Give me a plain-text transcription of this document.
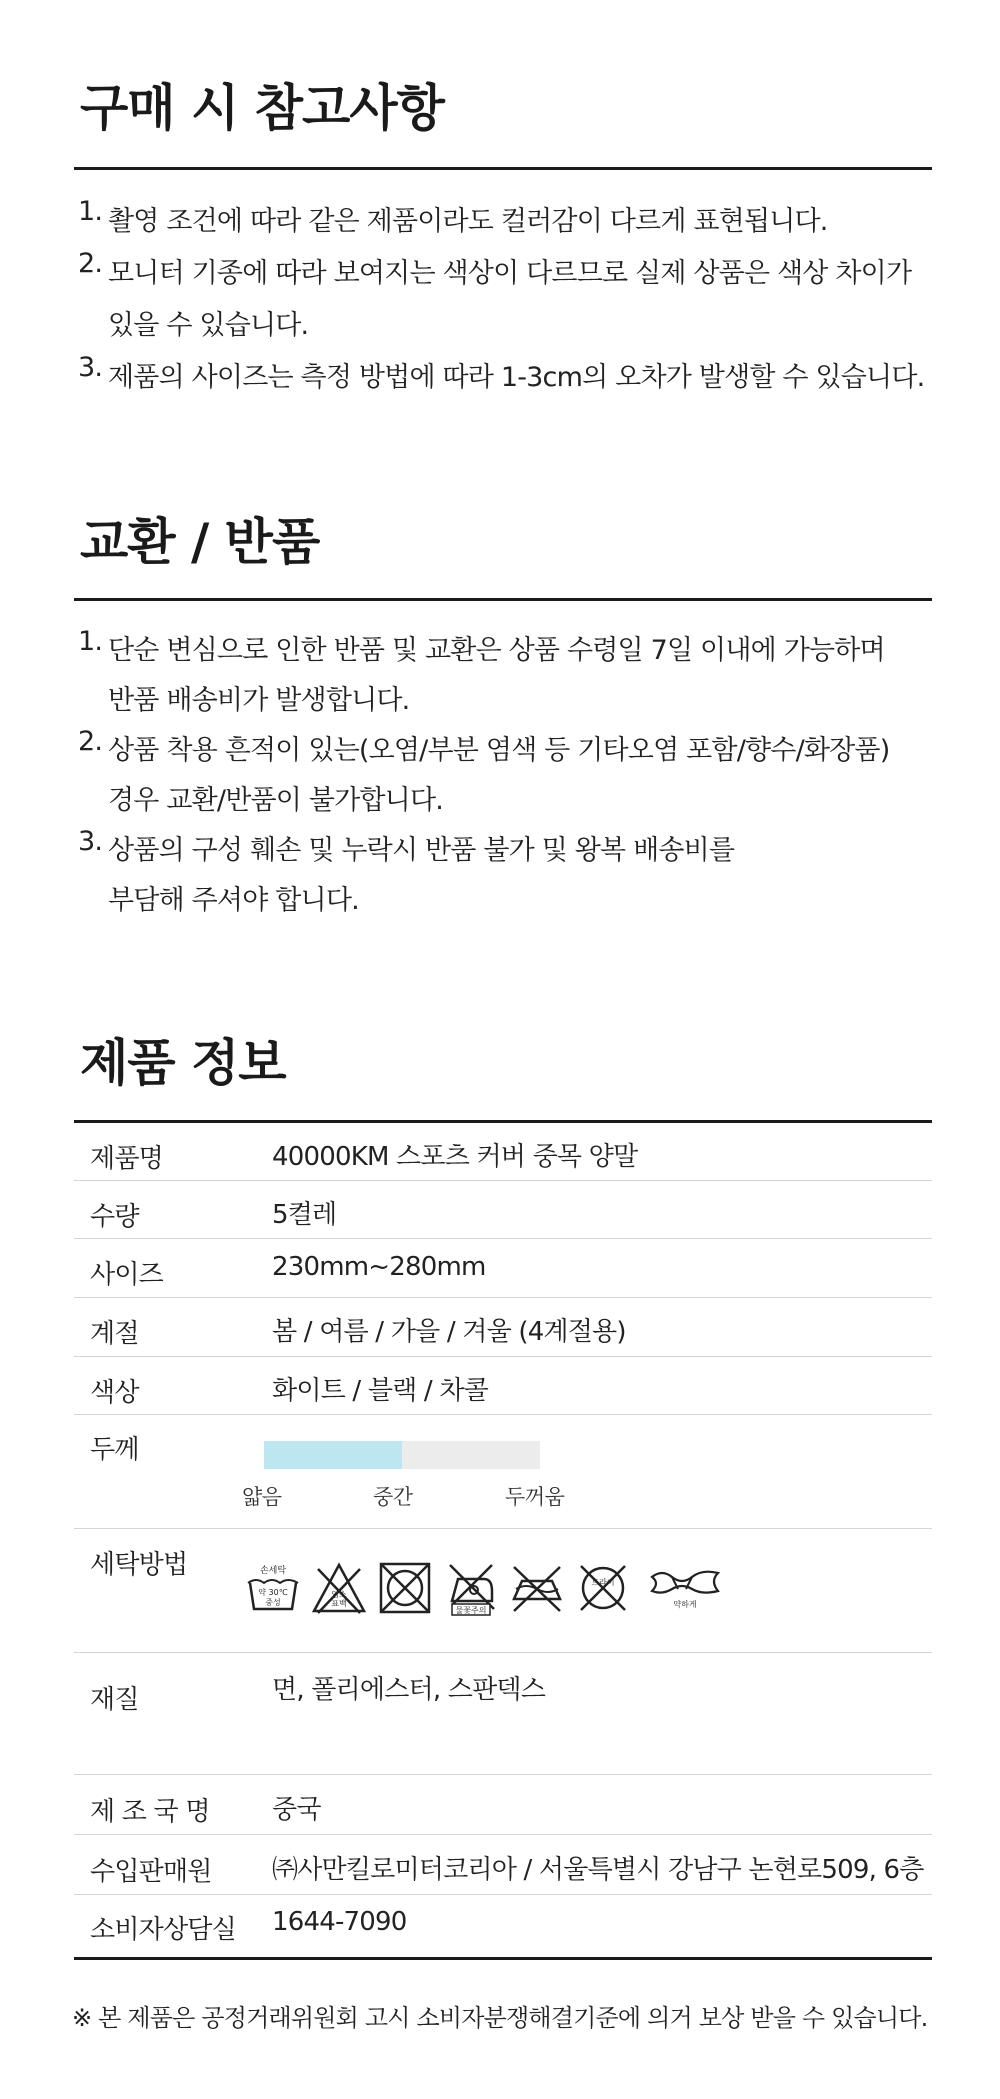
구매 시 참고사항
1. 촬영 조건에 따라 같은 제품이라도 컬러감이 다르게 표현됩니다.
2. 모니터 기종에 따라 보여지는 색상이 다르므로 실제 상품은 색상 차이가
있을 수 있습니다.
3. 제품의 사이즈는 측정 방법에 따라 1-3cm의 오차가 발생할 수 있습니다.
교환 / 반품
1. 단순 변심으로 인한 반품 및 교환은 상품 수령일 7일 이내에 가능하며
반품 배송비가 발생합니다.
2. 상품 착용 흔적이 있는(오염/부분 염색 등 기타오염 포함/향수/화장품)
경우 교환/반품이 불가합니다.
3. 상품의 구성 훼손 및 누락시 반품 불가 및 왕복 배송비를
부담해 주셔야 합니다.
제품 정보
제품명	40000KM 스포츠 커버 중목 양말
수량	5켤레
사이즈	230mm~280mm
계절	봄 / 여름 / 가을 / 겨울 (4계절용)
색상	화이트 / 블랙 / 차콜
두께
얇음	중간	두꺼움
세탁방법	손세탁
약 30℃
중성
염소
표백
물꽃주의
드라이
약하게
재질	면, 폴리에스터, 스판덱스
제 조 국 명 중국
수입판매원 ㈜사만킬로미터코리아 / 서울특별시 강남구 논현로509, 6층
소비자상담실 1644-7090
※ 본 제품은 공정거래위원회 고시 소비자분쟁해결기준에 의거 보상 받을 수 있습니다.
